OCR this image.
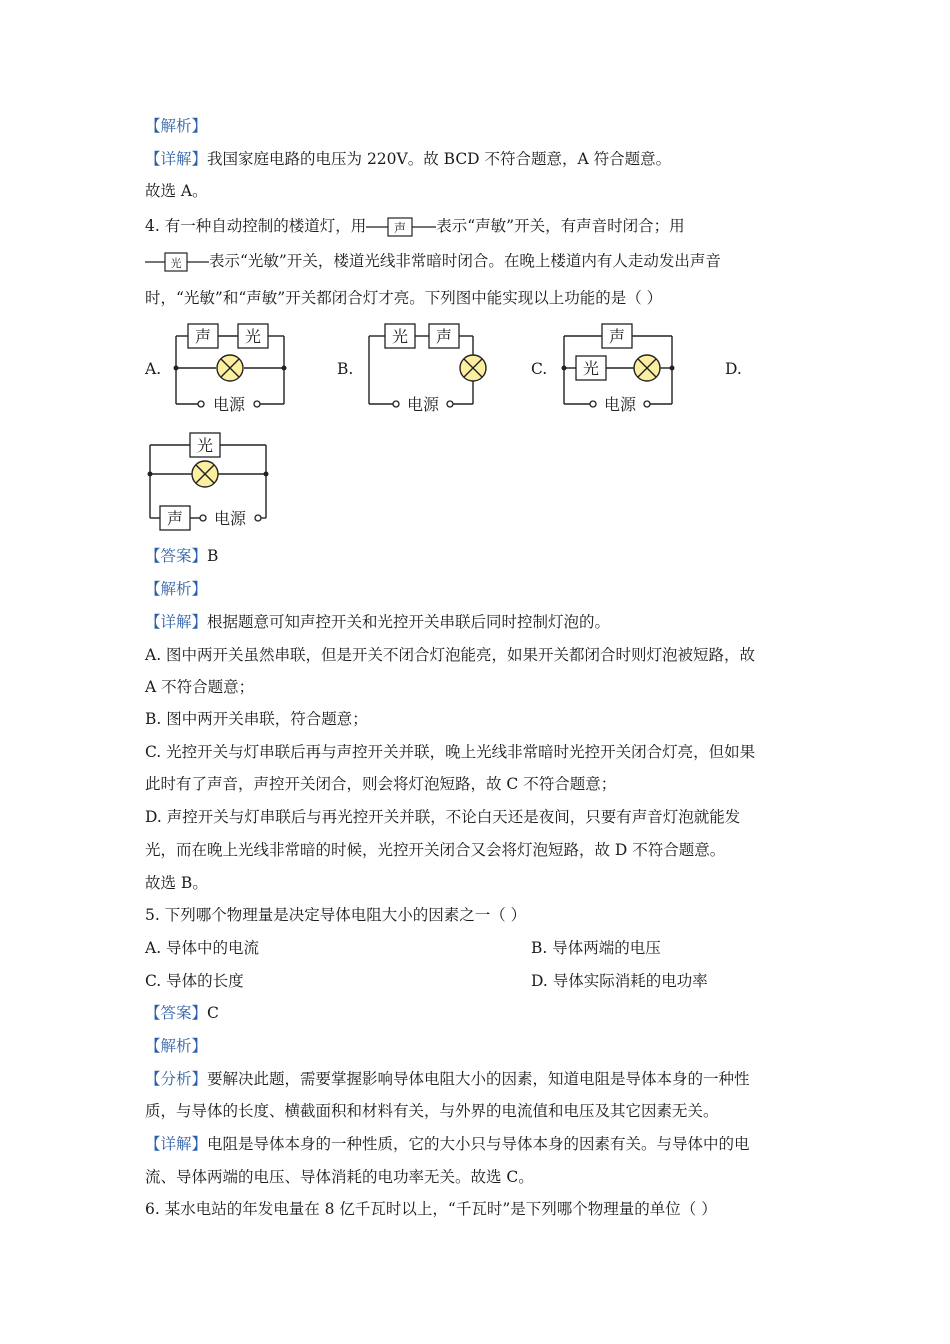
【解析】
【详解】我国家庭电路的电压为 220V。故 BCD 不符合题意，A 符合题意。
故选 A。
4. 有一种自动控制的楼道灯，用 声 表示“声敏”开关，有声音时闭合；用
光 表示“光敏”开关，楼道光线非常暗时闭合。在晚上楼道内有人走动发出声音
时，“光敏”和“声敏”开关都闭合灯才亮。下列图中能实现以上功能的是（ ）
A.	B.	C.	D.
声 光
电源
光 声
电源
声
光
电源
光
声 电源
【答案】B
【解析】
【详解】根据题意可知声控开关和光控开关串联后同时控制灯泡的。
A. 图中两开关虽然串联，但是开关不闭合灯泡能亮，如果开关都闭合时则灯泡被短路，故
A 不符合题意；
B. 图中两开关串联，符合题意；
C. 光控开关与灯串联后再与声控开关并联，晚上光线非常暗时光控开关闭合灯亮，但如果
此时有了声音，声控开关闭合，则会将灯泡短路，故 C 不符合题意；
D. 声控开关与灯串联后与再光控开关并联，不论白天还是夜间，只要有声音灯泡就能发
光，而在晚上光线非常暗的时候，光控开关闭合又会将灯泡短路，故 D 不符合题意。
故选 B。
5. 下列哪个物理量是决定导体电阻大小的因素之一（ ）
A. 导体中的电流	B. 导体两端的电压
C. 导体的长度	D. 导体实际消耗的电功率
【答案】C
【解析】
【分析】要解决此题，需要掌握影响导体电阻大小的因素，知道电阻是导体本身的一种性
质，与导体的长度、横截面积和材料有关，与外界的电流值和电压及其它因素无关。
【详解】电阻是导体本身的一种性质，它的大小只与导体本身的因素有关。与导体中的电
流、导体两端的电压、导体消耗的电功率无关。故选 C。
6. 某水电站的年发电量在 8 亿千瓦时以上，“千瓦时”是下列哪个物理量的单位（ ）
